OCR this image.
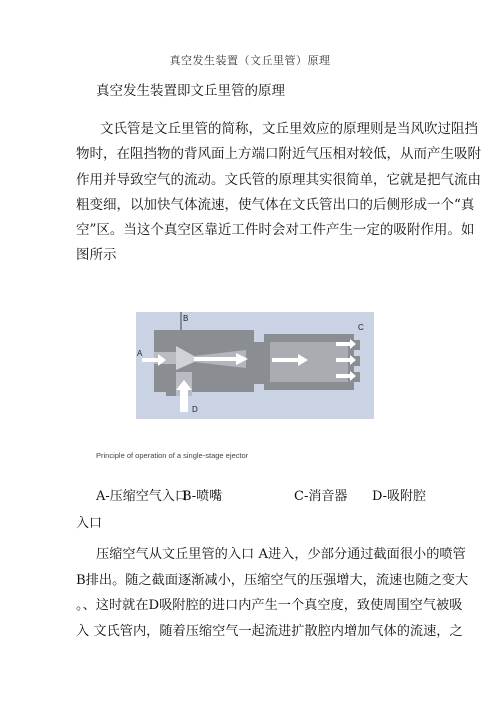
真空发生装置（文丘里管）原理
真空发生装置即文丘里管的原理
文氏管是文丘里管的简称，文丘里效应的原理则是当风吹过阻挡
物时，在阻挡物的背风面上方端口附近气压相对较低，从而产生吸附
作用并导致空气的流动。文氏管的原理其实很简单，它就是把气流由
粗变细，以加快气体流速，使气体在文氏管出口的后侧形成一个“真
空”区。当这个真空区靠近工件时会对工件产生一定的吸附作用。如
图所示
A
B
C
D
Principle of operation of a single-stage ejector
A-压缩空气入口
B-喷嘴	C-消音器 D-吸附腔
入口
压缩空气从文丘里管的入口 A进入，少部分通过截面很小的喷管
B排出。随之截面逐渐减小，压缩空气的压强增大，流速也随之变大
。、这时就在D吸附腔的进口内产生一个真空度，致使周围空气被吸
入 文氏管内，随着压缩空气一起流进扩散腔内增加气体的流速，之
